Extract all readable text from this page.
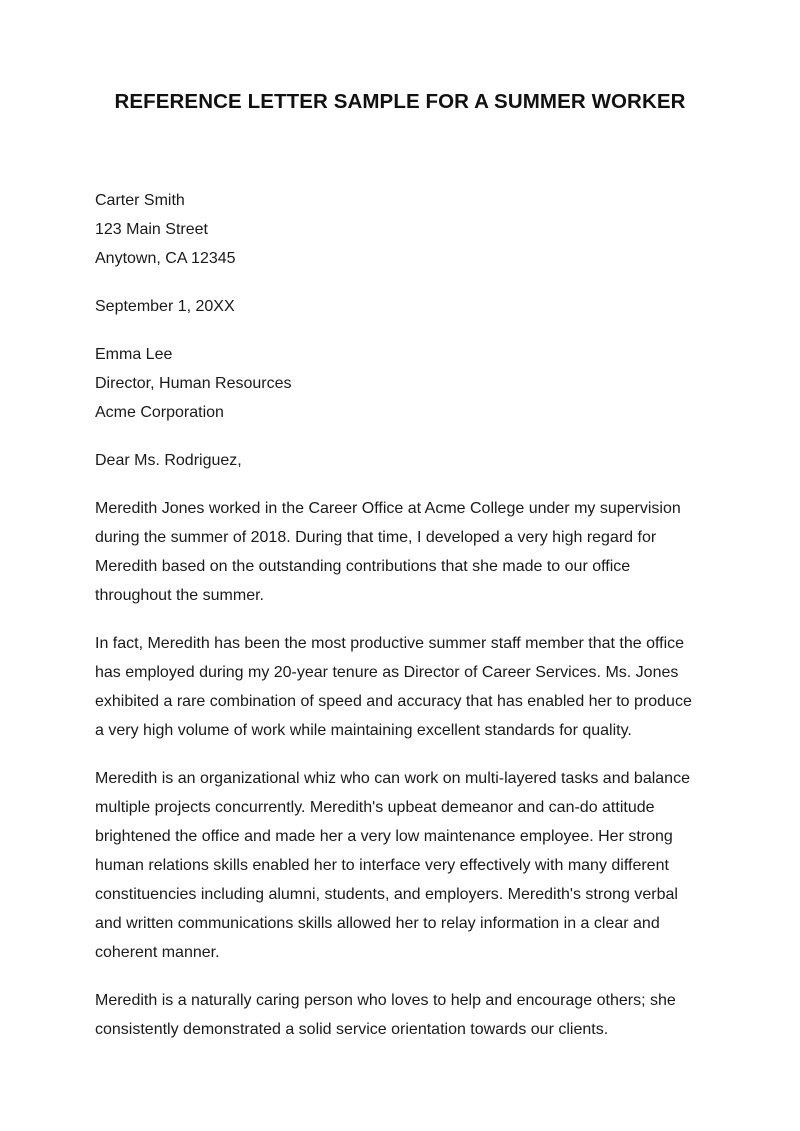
REFERENCE LETTER SAMPLE FOR A SUMMER WORKER
Carter Smith
123 Main Street
Anytown, CA 12345
September 1, 20XX
Emma Lee
Director, Human Resources
Acme Corporation
Dear Ms. Rodriguez,
Meredith Jones worked in the Career Office at Acme College under my supervision during the summer of 2018. During that time, I developed a very high regard for Meredith based on the outstanding contributions that she made to our office throughout the summer.
In fact, Meredith has been the most productive summer staff member that the office has employed during my 20-year tenure as Director of Career Services. Ms. Jones exhibited a rare combination of speed and accuracy that has enabled her to produce a very high volume of work while maintaining excellent standards for quality.
Meredith is an organizational whiz who can work on multi-layered tasks and balance multiple projects concurrently. Meredith's upbeat demeanor and can-do attitude brightened the office and made her a very low maintenance employee. Her strong human relations skills enabled her to interface very effectively with many different constituencies including alumni, students, and employers. Meredith's strong verbal and written communications skills allowed her to relay information in a clear and coherent manner.
Meredith is a naturally caring person who loves to help and encourage others; she consistently demonstrated a solid service orientation towards our clients.
